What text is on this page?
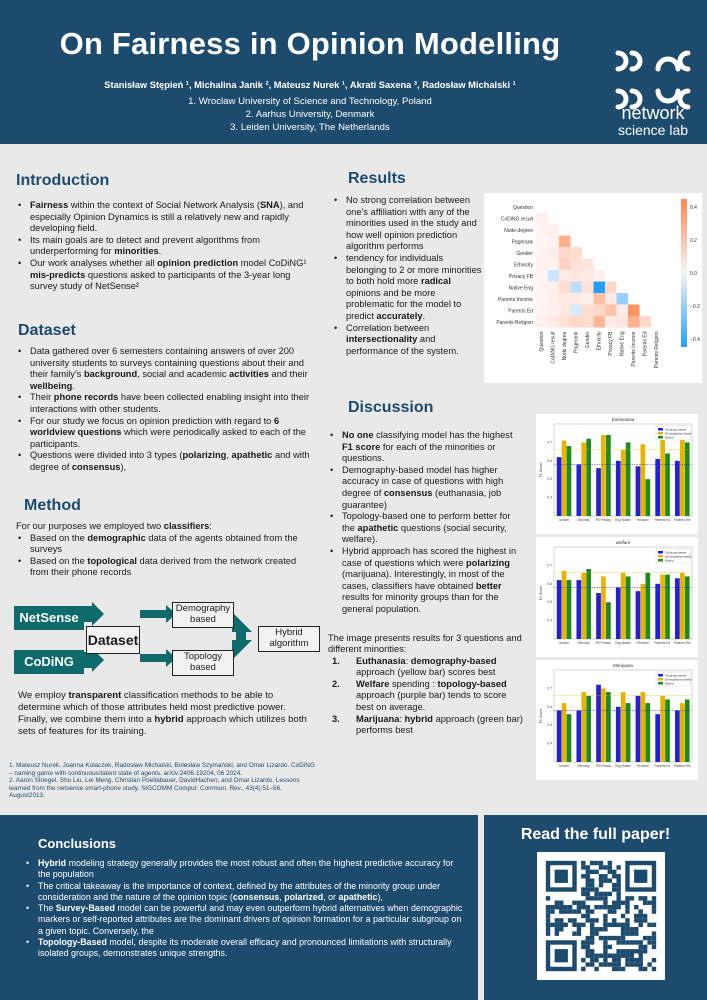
On Fairness in Opinion Modelling
Stanisław Stępień ¹, Michalina Janik ², Mateusz Nurek ¹, Akrati Saxena ³, Radosław Michalski ¹
1. Wroclaw University of Science and Technology, Poland
2. Aarhus University, Denmark
3. Leiden University, The Netherlands
network
science lab
Introduction
• Fairness within the context of Social Network Analysis (SNA), and especially Opinion Dynamics is still a relatively new and rapidly developing field.
• Its main goals are to detect and prevent algorithms from underperforming for minorities.
• Our work analyses whether all opinion prediction model CoDiNG¹ mis-predicts questions asked to participants of the 3-year long survey study of NetSense²
Dataset
• Data gathered over 6 semesters containing answers of over 200 university students to surveys containing questions about their and their family's background, social and academic activities and their wellbeing.
• Their phone records have been collected enabling insight into their interactions with other students.
• For our study we focus on opinion prediction with regard to 6 worldview questions which were periodically asked to each of the participants.
• Questions were divided into 3 types (polarizing, apathetic and with degree of consensus),
Method
For our purposes we employed two classifiers:
• Based on the demographic data of the agents obtained from the surveys
• Based on the topological data derived from the network created from their phone records
NetSense
CoDiNG
Dataset
Demography based
Topology based
Hybrid algorithm
We employ transparent classification methods to be able to determine which of those attributes held most predictive power. Finally, we combine them into a hybrid approach which utilizes both sets of features for its training.
1. Mateusz Nurek, Joanna Kołaczek, Radosław Michalski, Bolesław Szymański, and Omar Lizardo. CoDiNG – naming game with continuous/latent state of agents. arXiv:2406.19204, 06 2024.
2. Aaron Striegel, Shu Liu, Lei Meng, Christian Poellabauer, DavidHachen, and Omar Lizardo. Lessons learned from the netsense smart-phone study. SIGCOMM Comput. Commun. Rev., 43(4):51–56, August2013.
Results
• No strong correlation between one's affiliation with any of the minorities used in the study and how well opinion prediction algorithm performs
• tendency for individuals belonging to 2 or more minorities to both hold more radical opinions and be more problematic for the model to predict accurately.
• Correlation between intersectionality and performance of the system.
Question
Question
CoDiNG result
CoDiNG result
Node degree
Node degree
Pagerank
Pagerank
Gender
Gender
Ethnicity
Ethnicity
Privacy FB
Privacy FB
Native Eng
Native Eng
Parents Income
Parents Income
Parents Ed
Parents Ed
Parents Religion
Parents Religion
0.4
0.2
0.0
−0.2
−0.4
Discussion
• No one classifying model has the highest F1 score for each of the minorities or questions.
• Demography-based model has higher accuracy in case of questions with high degree of consensus (euthanasia, job guarantee)
• Topology-based one to perform better for the apathetic questions (social security, welfare).
• Hybrid approach has scored the highest in case of questions which were polarizing (marijuana). Interestingly, in most of the cases, classifiers have obtained better results for minority groups than for the general population.
The image presents results for 3 questions and different minorities:
1. Euthanasia: demography-based approach (yellow bar) scores best
2. Welfare spending : topology-based approach (purple bar) tends to score best on average.
3. Marijuana: hybrid approach (green bar) performs best
Euthanasia
F1 Score
0.4
0.5
0.6
0.7
Gender	Ethnicity FB Privacy Eng Native Pincome Parents Ed Parents Rel
Topology-based
Demography-based
Hybrid
welfare
F1 Score
0.4
0.5
0.6
0.7
Gender	Ethnicity FB Privacy Eng Native Pincome Parents Ed Parents Rel
Topology-based
Demography-based
Hybrid
Marijuana
F1 Score
0.4
0.5
0.6
0.7
Gender	Ethnicity FB Privacy Eng Native Pincome Parents Ed Parents Rel
Topology-based
Demography-based
Hybrid
Conclusions
• Hybrid modeling strategy generally provides the most robust and often the highest predictive accuracy for the population
• The critical takeaway is the importance of context, defined by the attributes of the minority group under consideration and the nature of the opinion topic (consensus, polarized, or apathetic),
• The Survey-Based model can be powerful and may even outperform hybrid alternatives when demographic markers or self-reported attributes are the dominant drivers of opinion formation for a particular subgroup on a given topic. Conversely, the
• Topology-Based model, despite its moderate overall efficacy and pronounced limitations with structurally isolated groups, demonstrates unique strengths.
Read the full paper!
